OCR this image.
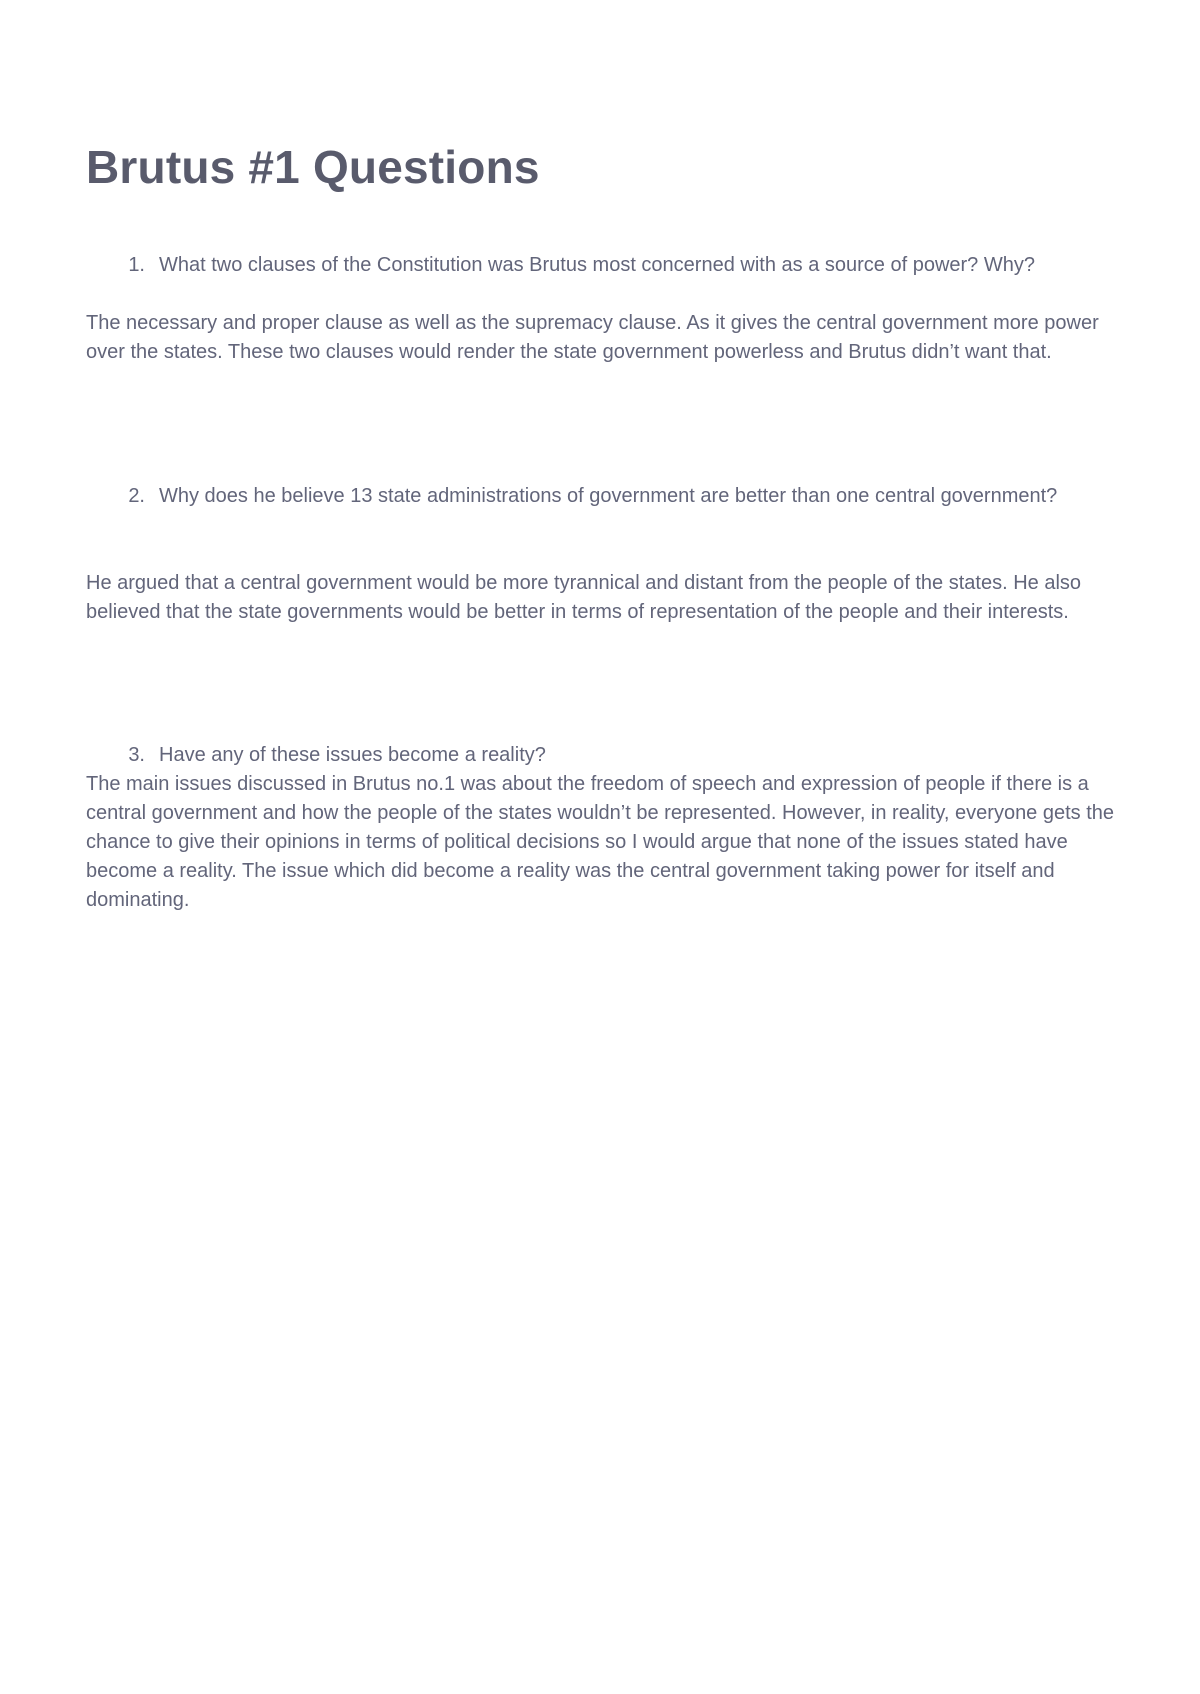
Brutus #1 Questions
1. What two clauses of the Constitution was Brutus most concerned with as a source of power? Why?

The necessary and proper clause as well as the supremacy clause. As it gives the central government more power over the states. These two clauses would render the state government powerless and Brutus didn’t want that.

2. Why does he believe 13 state administrations of government are better than one central government?

He argued that a central government would be more tyrannical and distant from the people of the states. He also believed that the state governments would be better in terms of representation of the people and their interests.

3. Have any of these issues become a reality?

The main issues discussed in Brutus no.1 was about the freedom of speech and expression of people if there is a central government and how the people of the states wouldn’t be represented. However, in reality, everyone gets the chance to give their opinions in terms of political decisions so I would argue that none of the issues stated have become a reality. The issue which did become a reality was the central government taking power for itself and dominating.
